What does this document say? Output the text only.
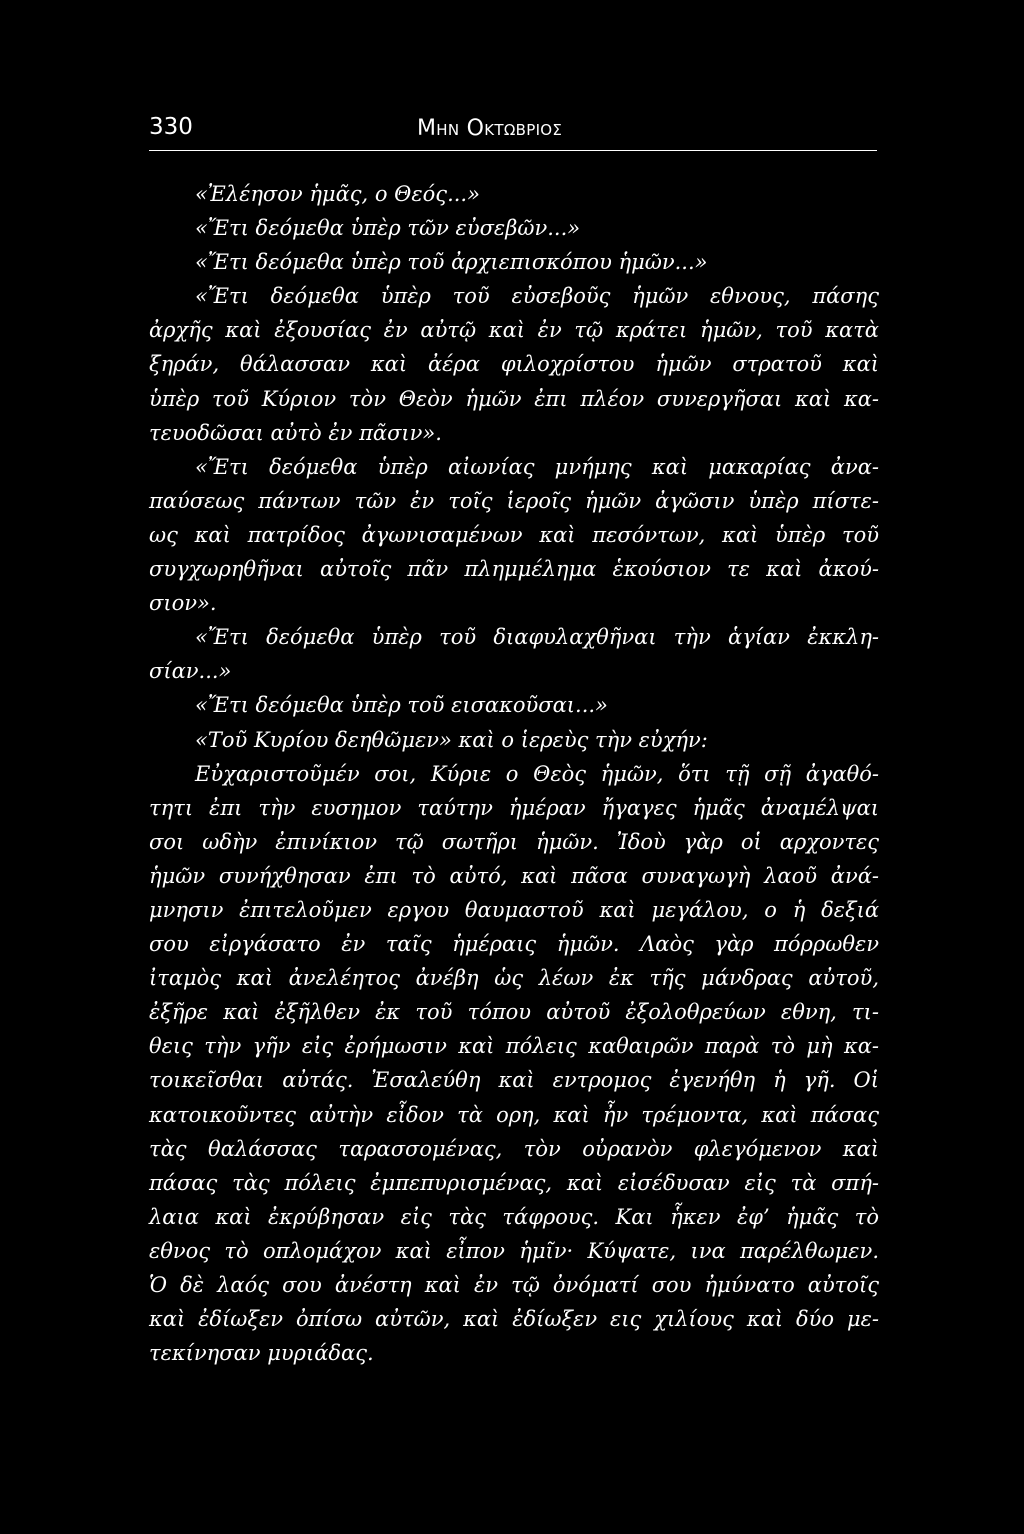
330	Μην Οκτωβριος
«Ἐλέησον ἡμᾶς, ο Θεός...»
«Ἔτι δεόμεθα ὑπὲρ τῶν εὐσεβῶν...»
«Ἔτι δεόμεθα ὑπὲρ τοῦ ἀρχιεπισκόπου ἡμῶν...»
«Ἔτι δεόμεθα ὑπὲρ τοῦ εὐσεβοῦς ἡμῶν εθνους, πάσης
ἀρχῆς καὶ ἐξουσίας ἐν αὐτῷ καὶ ἐν τῷ κράτει ἡμῶν, τοῦ κατὰ
ξηράν, θάλασσαν καὶ ἀέρα φιλοχρίστου ἡμῶν στρατοῦ καὶ
ὑπὲρ τοῦ Κύριον τὸν Θεὸν ἡμῶν ἐπι πλέον συνεργῆσαι καὶ κα-
τευοδῶσαι αὐτὸ ἐν πᾶσιν».
«Ἔτι δεόμεθα ὑπὲρ αἰωνίας μνήμης καὶ μακαρίας ἀνα-
παύσεως πάντων τῶν ἐν τοῖς ἱεροῖς ἡμῶν ἀγῶσιν ὑπὲρ πίστε-
ως καὶ πατρίδος ἀγωνισαμένων καὶ πεσόντων, καὶ ὑπὲρ τοῦ
συγχωρηθῆναι αὐτοῖς πᾶν πλημμέλημα ἑκούσιον τε καὶ ἀκού-
σιον».
«Ἔτι δεόμεθα ὑπὲρ τοῦ διαφυλαχθῆναι τὴν ἁγίαν ἐκκλη-
σίαν...»
«Ἔτι δεόμεθα ὑπὲρ τοῦ εισακοῦσαι...»
«Τοῦ Κυρίου δεηθῶμεν» καὶ ο ἱερεὺς τὴν εὐχήν:
Εὐχαριστοῦμέν σοι, Κύριε ο Θεὸς ἡμῶν, ὅτι τῇ σῇ ἀγαθό-
τητι ἐπι τὴν ευσημον ταύτην ἡμέραν ἤγαγες ἡμᾶς ἀναμέλψαι
σοι ωδὴν ἐπινίκιον τῷ σωτῆρι ἡμῶν. Ἰδοὺ γὰρ οἱ αρχοντες
ἡμῶν συνήχθησαν ἐπι τὸ αὐτό, καὶ πᾶσα συναγωγὴ λαοῦ ἀνά-
μνησιν ἐπιτελοῦμεν εργου θαυμαστοῦ καὶ μεγάλου, ο ἡ δεξιά
σου εἰργάσατο ἐν ταῖς ἡμέραις ἡμῶν. Λαὸς γὰρ πόρρωθεν
ἰταμὸς καὶ ἀνελέητος ἀνέβη ὡς λέων ἐκ τῆς μάνδρας αὐτοῦ,
ἐξῆρε καὶ ἐξῆλθεν ἐκ τοῦ τόπου αὐτοῦ ἐξολοθρεύων εθνη, τι-
θεις τὴν γῆν εἰς ἐρήμωσιν καὶ πόλεις καθαιρῶν παρὰ τὸ μὴ κα-
τοικεῖσθαι αὐτάς. Ἐσαλεύθη καὶ εντρομος ἐγενήθη ἡ γῆ. Οἱ
κατοικοῦντες αὐτὴν εἶδον τὰ ορη, καὶ ἦν τρέμοντα, καὶ πάσας
τὰς θαλάσσας ταρασσομένας, τὸν οὐρανὸν φλεγόμενον καὶ
πάσας τὰς πόλεις ἐμπεπυρισμένας, καὶ εἰσέδυσαν εἰς τὰ σπή-
λαια καὶ ἐκρύβησαν εἰς τὰς τάφρους. Και ἧκεν ἐφ’ ἡμᾶς τὸ
εθνος τὸ οπλομάχον καὶ εἶπον ἡμῖν· Κύψατε, ινα παρέλθωμεν.
Ὁ δὲ λαός σου ἀνέστη καὶ ἐν τῷ ὀνόματί σου ἠμύνατο αὐτοῖς
καὶ ἐδίωξεν ὀπίσω αὐτῶν, καὶ ἐδίωξεν εις χιλίους καὶ δύο με-
τεκίνησαν μυριάδας.
